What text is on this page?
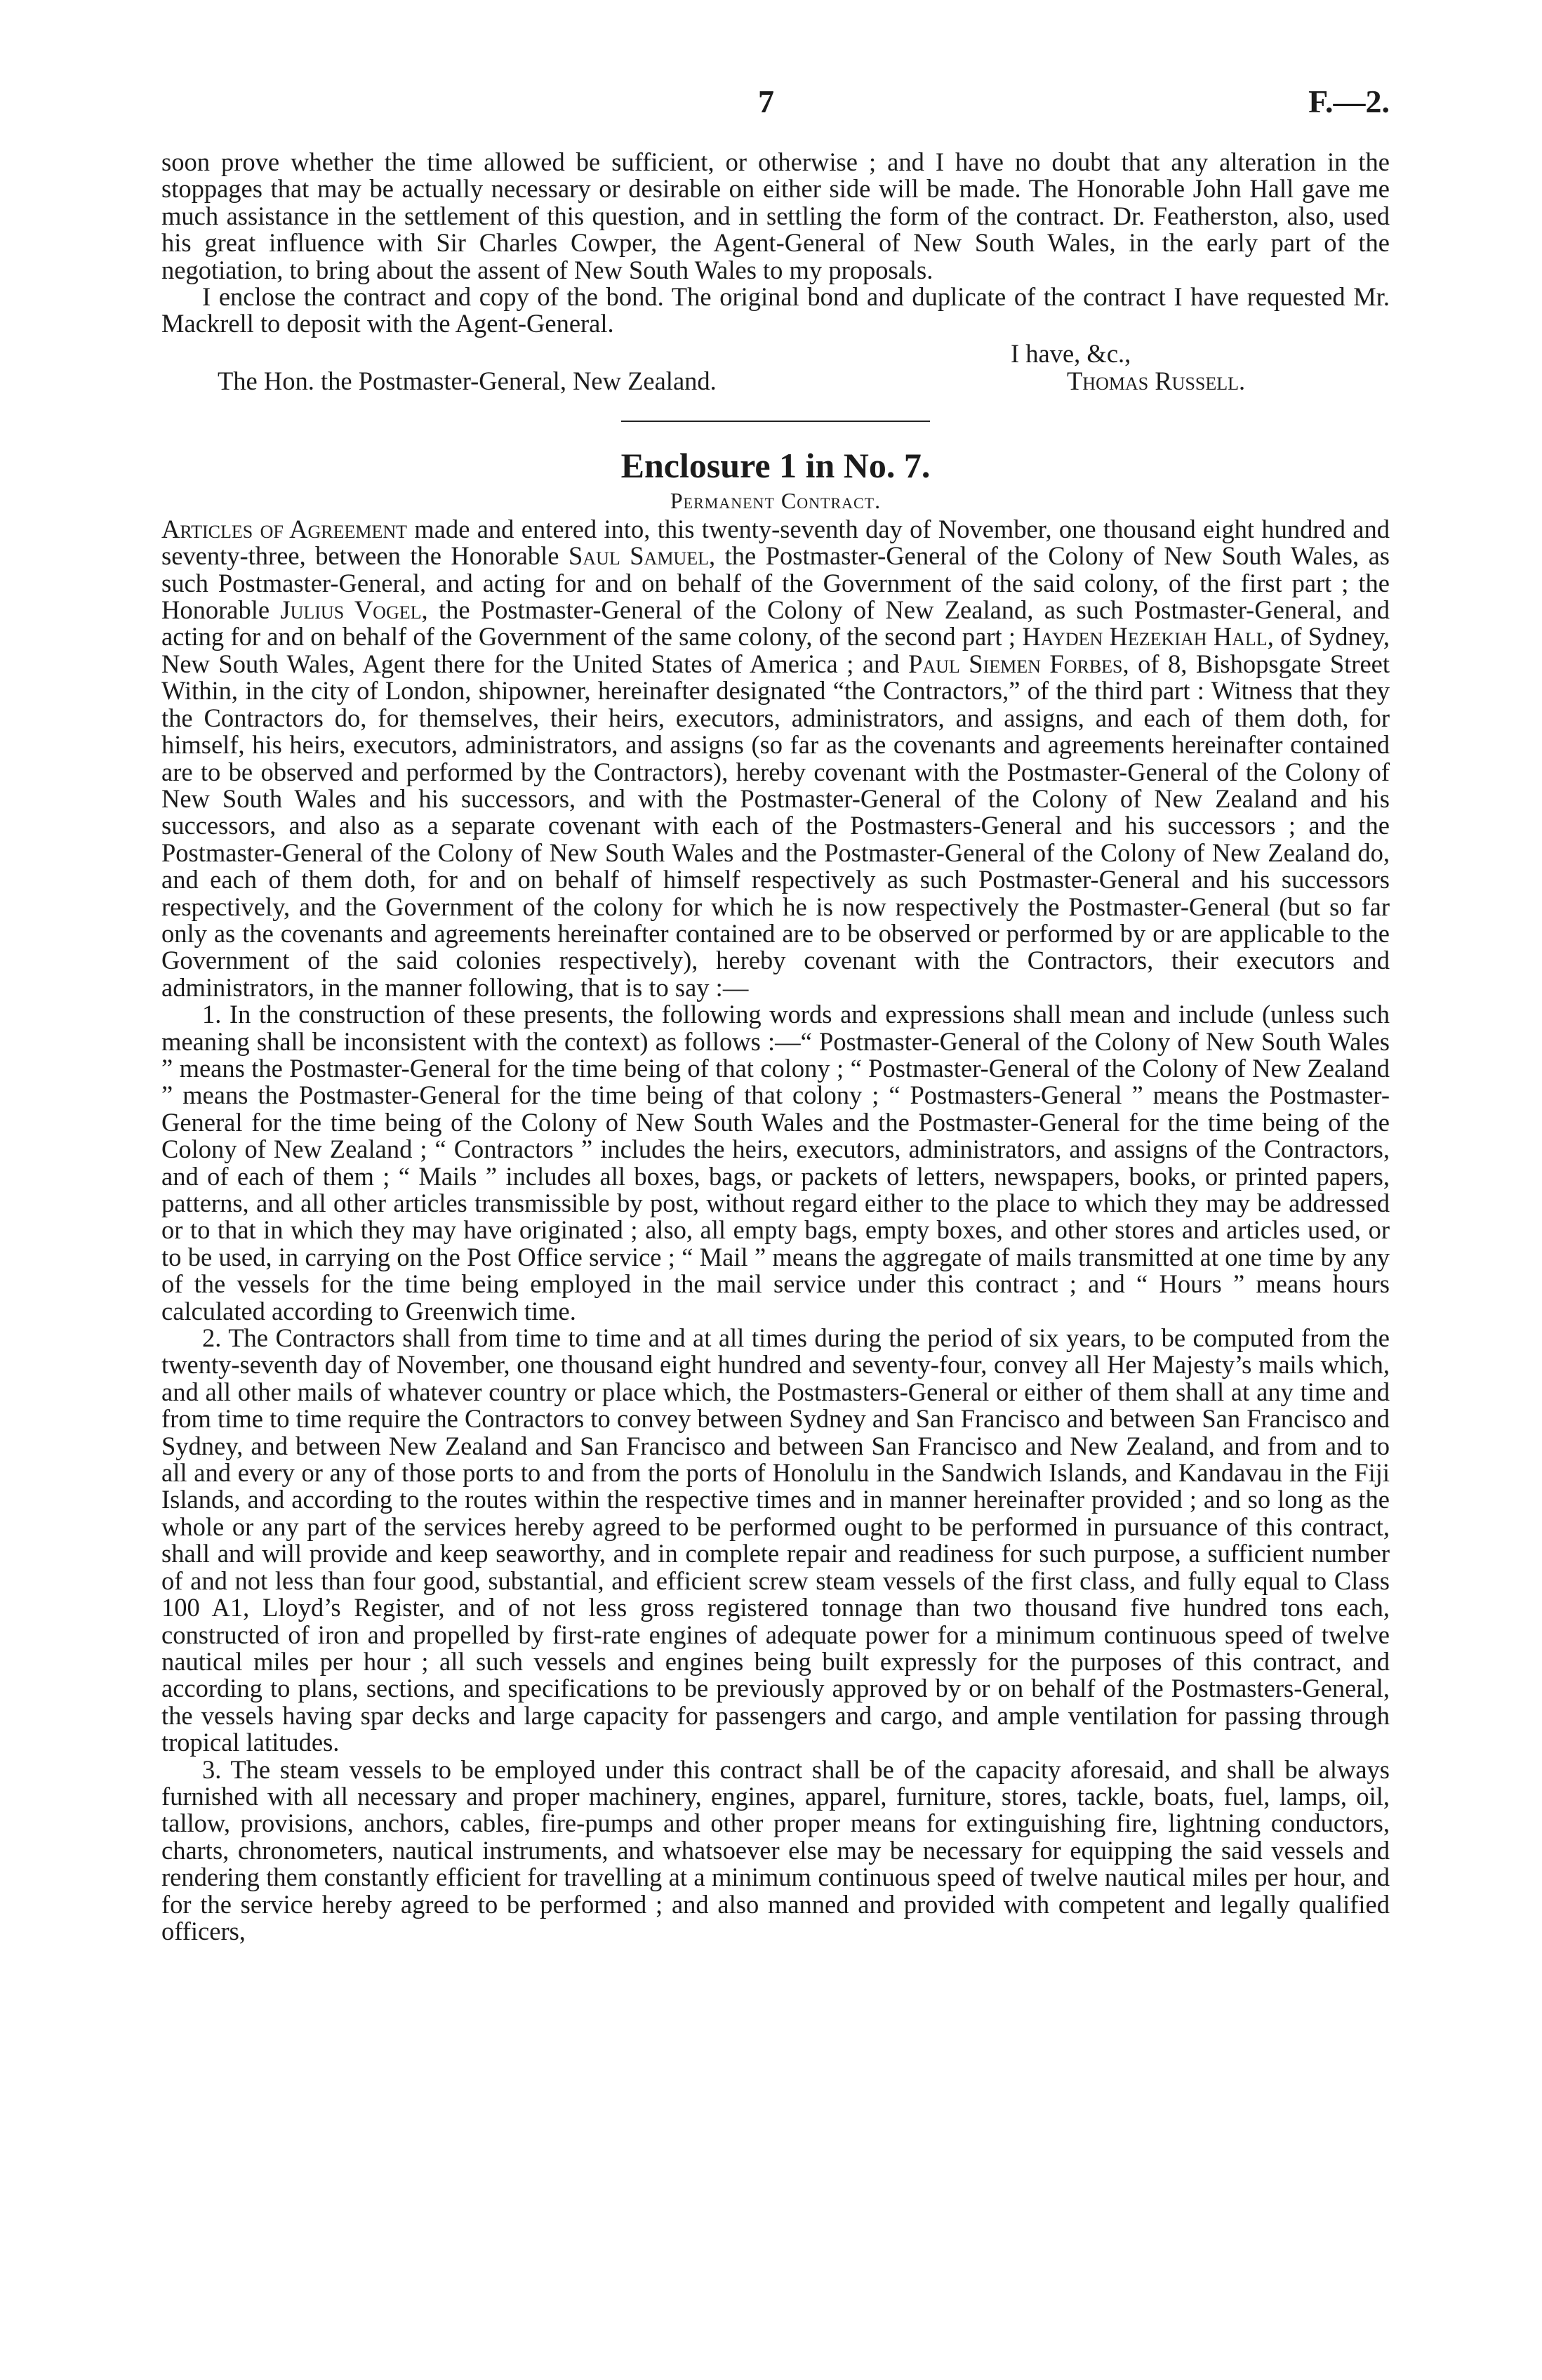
7	F.—2.

soon prove whether the time allowed be sufficient, or otherwise ; and I have no doubt that any alteration in the stoppages that may be actually necessary or desirable on either side will be made. The Honorable John Hall gave me much assistance in the settlement of this question, and in settling the form of the contract. Dr. Featherston, also, used his great influence with Sir Charles Cowper, the Agent-General of New South Wales, in the early part of the negotiation, to bring about the assent of New South Wales to my proposals.

I enclose the contract and copy of the bond. The original bond and duplicate of the contract I have requested Mr. Mackrell to deposit with the Agent-General.

I have, &c.,
The Hon. the Postmaster-General, New Zealand.	Thomas Russell.
Enclosure 1 in No. 7.
Permanent Contract.

Articles of Agreement made and entered into, this twenty-seventh day of November, one thousand eight hundred and seventy-three, between the Honorable Saul Samuel, the Postmaster-General of the Colony of New South Wales, as such Postmaster-General, and acting for and on behalf of the Government of the said colony, of the first part ; the Honorable Julius Vogel, the Postmaster-General of the Colony of New Zealand, as such Postmaster-General, and acting for and on behalf of the Government of the same colony, of the second part ; Hayden Hezekiah Hall, of Sydney, New South Wales, Agent there for the United States of America ; and Paul Siemen Forbes, of 8, Bishopsgate Street Within, in the city of London, shipowner, hereinafter designated “the Contractors,” of the third part : Witness that they the Contractors do, for themselves, their heirs, executors, administrators, and assigns, and each of them doth, for himself, his heirs, executors, administrators, and assigns (so far as the covenants and agreements hereinafter contained are to be observed and performed by the Contractors), hereby covenant with the Postmaster-General of the Colony of New South Wales and his successors, and with the Postmaster-General of the Colony of New Zealand and his successors, and also as a separate covenant with each of the Postmasters-General and his successors ; and the Postmaster-General of the Colony of New South Wales and the Postmaster-General of the Colony of New Zealand do, and each of them doth, for and on behalf of himself respectively as such Postmaster-General and his successors respectively, and the Government of the colony for which he is now respectively the Postmaster-General (but so far only as the covenants and agreements hereinafter contained are to be observed or performed by or are applicable to the Government of the said colonies respectively), hereby covenant with the Contractors, their executors and administrators, in the manner following, that is to say :—

1. In the construction of these presents, the following words and expressions shall mean and include (unless such meaning shall be inconsistent with the context) as follows :—“ Postmaster-General of the Colony of New South Wales ” means the Postmaster-General for the time being of that colony ; “ Postmaster-General of the Colony of New Zealand ” means the Postmaster-General for the time being of that colony ; “ Postmasters-General ” means the Postmaster-General for the time being of the Colony of New South Wales and the Postmaster-General for the time being of the Colony of New Zealand ; “ Contractors ” includes the heirs, executors, administrators, and assigns of the Contractors, and of each of them ; “ Mails ” includes all boxes, bags, or packets of letters, newspapers, books, or printed papers, patterns, and all other articles transmissible by post, without regard either to the place to which they may be addressed or to that in which they may have originated ; also, all empty bags, empty boxes, and other stores and articles used, or to be used, in carrying on the Post Office service ; “ Mail ” means the aggregate of mails transmitted at one time by any of the vessels for the time being employed in the mail service under this contract ; and “ Hours ” means hours calculated according to Greenwich time.

2. The Contractors shall from time to time and at all times during the period of six years, to be computed from the twenty-seventh day of November, one thousand eight hundred and seventy-four, convey all Her Majesty’s mails which, and all other mails of whatever country or place which, the Postmasters-General or either of them shall at any time and from time to time require the Contractors to convey between Sydney and San Francisco and between San Francisco and Sydney, and between New Zealand and San Francisco and between San Francisco and New Zealand, and from and to all and every or any of those ports to and from the ports of Honolulu in the Sandwich Islands, and Kandavau in the Fiji Islands, and according to the routes within the respective times and in manner hereinafter provided ; and so long as the whole or any part of the services hereby agreed to be performed ought to be performed in pursuance of this contract, shall and will provide and keep seaworthy, and in complete repair and readiness for such purpose, a sufficient number of and not less than four good, substantial, and efficient screw steam vessels of the first class, and fully equal to Class 100 A1, Lloyd’s Register, and of not less gross registered tonnage than two thousand five hundred tons each, constructed of iron and propelled by first-rate engines of adequate power for a minimum continuous speed of twelve nautical miles per hour ; all such vessels and engines being built expressly for the purposes of this contract, and according to plans, sections, and specifications to be previously approved by or on behalf of the Postmasters-General, the vessels having spar decks and large capacity for passengers and cargo, and ample ventilation for passing through tropical latitudes.

3. The steam vessels to be employed under this contract shall be of the capacity aforesaid, and shall be always furnished with all necessary and proper machinery, engines, apparel, furniture, stores, tackle, boats, fuel, lamps, oil, tallow, provisions, anchors, cables, fire-pumps and other proper means for extinguishing fire, lightning conductors, charts, chronometers, nautical instruments, and whatsoever else may be necessary for equipping the said vessels and rendering them constantly efficient for travelling at a minimum continuous speed of twelve nautical miles per hour, and for the service hereby agreed to be performed ; and also manned and provided with competent and legally qualified officers,
